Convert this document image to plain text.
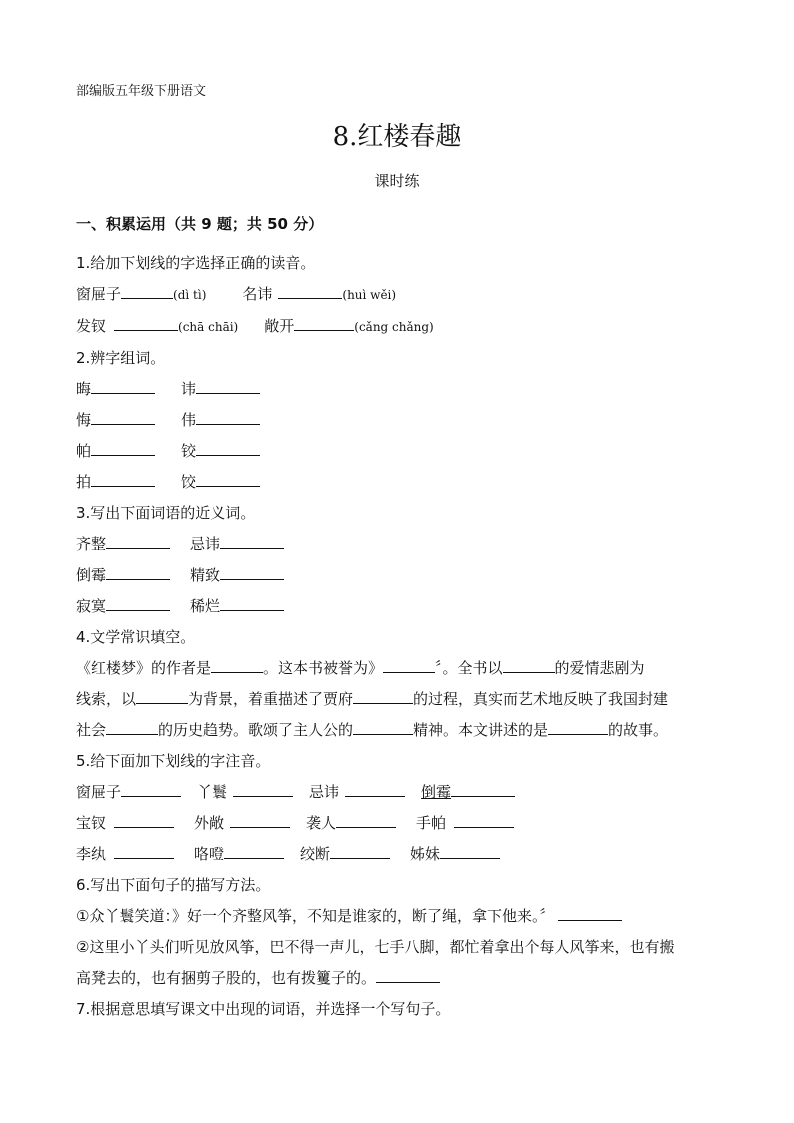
部编版五年级下册语文
8.红楼春趣
课时练
一、积累运用（共 9 题；共 50 分）
1.给加下划线的字选择正确的读音。
窗屉子	(dì tì) 名讳	(huì wěi)
发钗	(chā chāi) 敞开	(cǎng chǎng)
2.辨字组词。
晦	讳
悔	伟
帕	铰
拍	饺
3.写出下面词语的近义词。
齐整	忌讳
倒霉	精致
寂寞	稀烂
4.文学常识填空。
《红楼梦》的作者是	。这本书被誉为》	〞。全书以	的爱情悲剧为
线索，以	为背景，着重描述了贾府	的过程，真实而艺术地反映了我国封建
社会	的历史趋势。歌颂了主人公的	精神。本文讲述的是	的故事。
5.给下面加下划线的字注音。
窗屉子	丫鬟	忌讳	倒霉
宝钗	外敞	袭人	手帕
李纨	咯噔	绞断	姊妹
6.写出下面句子的描写方法。
①众丫鬟笑道：》好一个齐整风筝，不知是谁家的，断了绳，拿下他来。〞
②这里小丫头们听见放风筝，巴不得一声儿，七手八脚，都忙着拿出个每人风筝来，也有搬
高凳去的，也有捆剪子股的，也有拨籰子的。
7.根据意思填写课文中出现的词语，并选择一个写句子。
